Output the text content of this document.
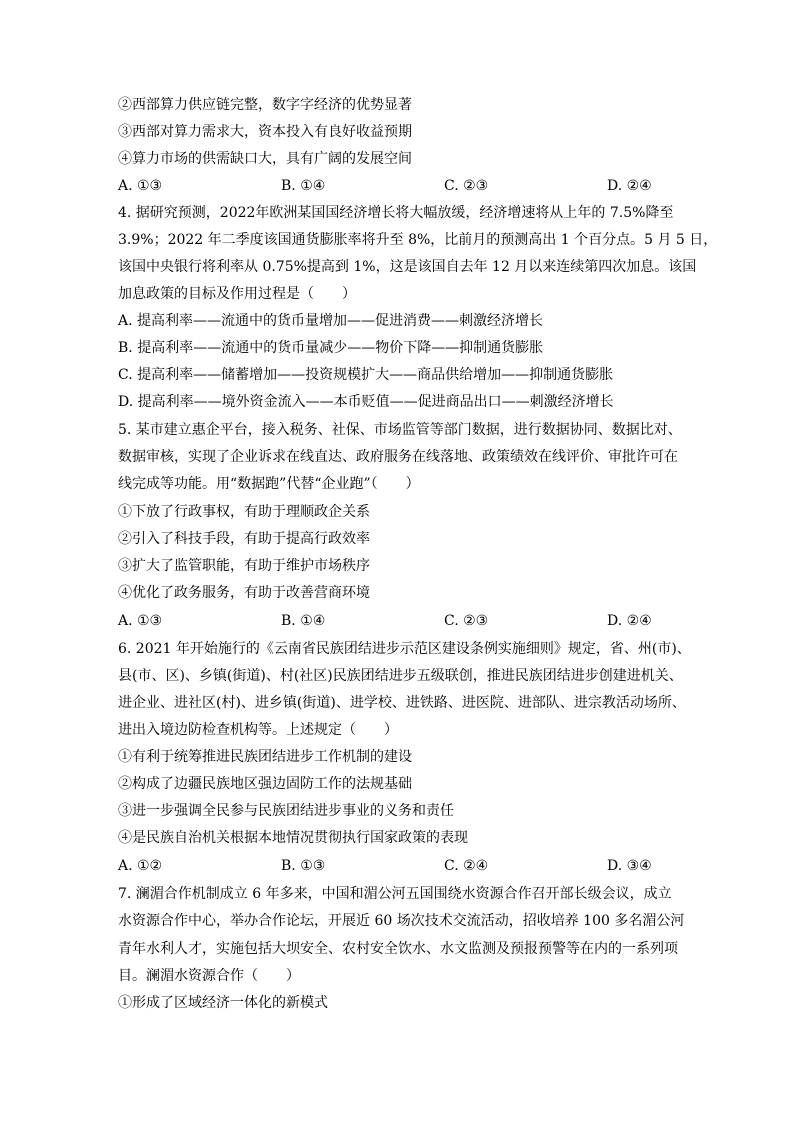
②西部算力供应链完整，数字字经济的优势显著
③西部对算力需求大，资本投入有良好收益预期
④算力市场的供需缺口大，具有广阔的发展空间
A. ①③	B. ①④	C. ②③	D. ②④
4. 据研究预测，2022年欧洲某国国经济增长将大幅放缓，经济增速将从上年的 7.5%降至
3.9%；2022 年二季度该国通货膨胀率将升至 8%，比前月的预测高出 1 个百分点。5 月 5 日，
该国中央银行将利率从 0.75%提高到 1%，这是该国自去年 12 月以来连续第四次加息。该国
加息政策的目标及作用过程是（　　）
A. 提高利率——流通中的货币量增加——促进消费——刺激经济增长
B. 提高利率——流通中的货币量减少——物价下降——抑制通货膨胀
C. 提高利率——储蓄增加——投资规模扩大——商品供给增加——抑制通货膨胀
D. 提高利率——境外资金流入——本币贬值——促进商品出口——刺激经济增长
5. 某市建立惠企平台，接入税务、社保、市场监管等部门数据，进行数据协同、数据比对、
数据审核，实现了企业诉求在线直达、政府服务在线落地、政策绩效在线评价、审批许可在
线完成等功能。用“数据跑”代替“企业跑”（　　）
①下放了行政事权，有助于理顺政企关系
②引入了科技手段，有助于提高行政效率
③扩大了监管职能，有助于维护市场秩序
④优化了政务服务，有助于改善营商环境
A. ①③	B. ①④	C. ②③	D. ②④
6. 2021 年开始施行的《云南省民族团结进步示范区建设条例实施细则》规定，省、州(市)、
县(市、区)、乡镇(街道)、村(社区)民族团结进步五级联创，推进民族团结进步创建进机关、
进企业、进社区(村)、进乡镇(街道)、进学校、进铁路、进医院、进部队、进宗教活动场所、
进出入境边防检查机构等。上述规定（　　）
①有利于统筹推进民族团结进步工作机制的建设
②构成了边疆民族地区强边固防工作的法规基础
③进一步强调全民参与民族团结进步事业的义务和责任
④是民族自治机关根据本地情况贯彻执行国家政策的表现
A. ①②	B. ①③	C. ②④	D. ③④
7. 澜湄合作机制成立 6 年多来，中国和湄公河五国围绕水资源合作召开部长级会议，成立
水资源合作中心，举办合作论坛，开展近 60 场次技术交流活动，招收培养 100 多名湄公河
青年水利人才，实施包括大坝安全、农村安全饮水、水文监测及预报预警等在内的一系列项
目。澜湄水资源合作（　　）
①形成了区域经济一体化的新模式
